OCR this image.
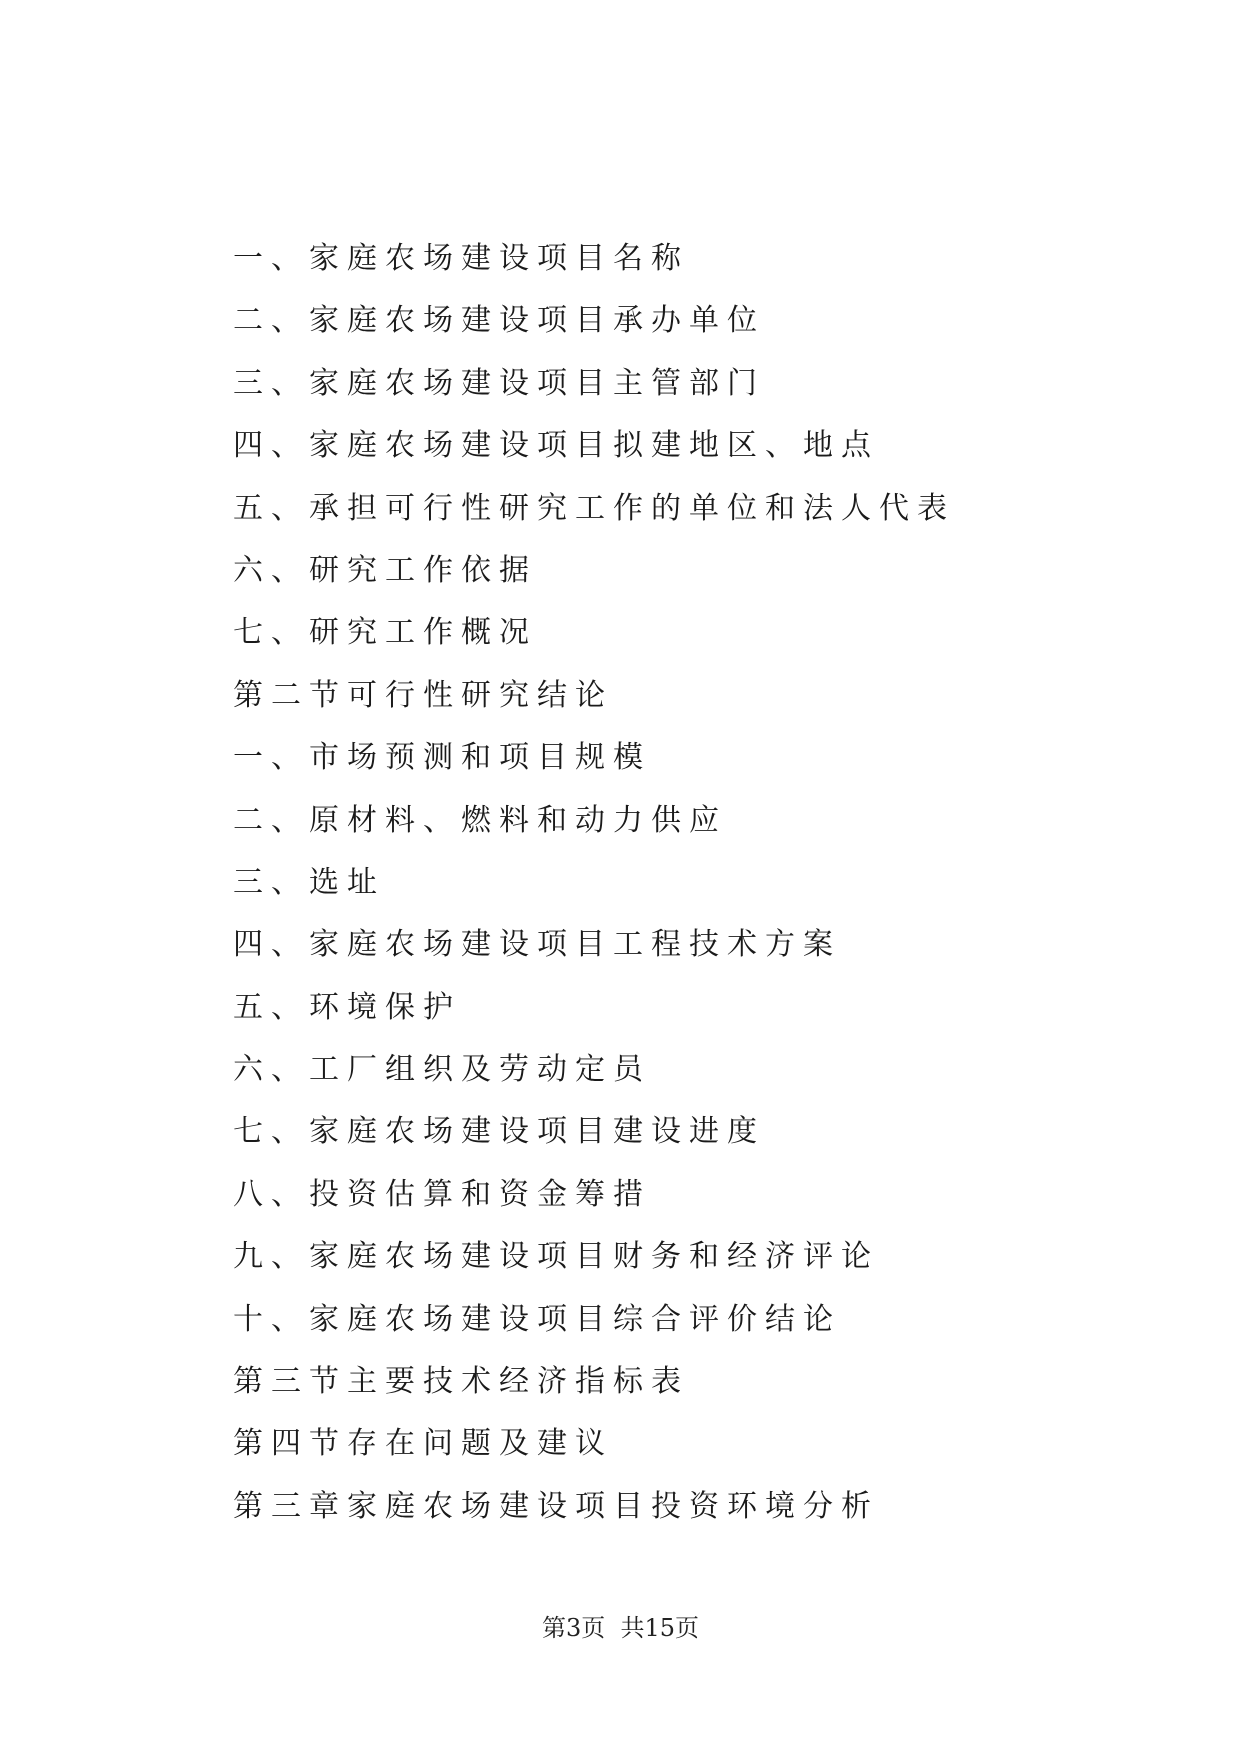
一、家庭农场建设项目名称
二、家庭农场建设项目承办单位
三、家庭农场建设项目主管部门
四、家庭农场建设项目拟建地区、地点
五、承担可行性研究工作的单位和法人代表
六、研究工作依据
七、研究工作概况
第二节可行性研究结论
一、市场预测和项目规模
二、原材料、燃料和动力供应
三、选址
四、家庭农场建设项目工程技术方案
五、环境保护
六、工厂组织及劳动定员
七、家庭农场建设项目建设进度
八、投资估算和资金筹措
九、家庭农场建设项目财务和经济评论
十、家庭农场建设项目综合评价结论
第三节主要技术经济指标表
第四节存在问题及建议
第三章家庭农场建设项目投资环境分析
第3页  共15页
